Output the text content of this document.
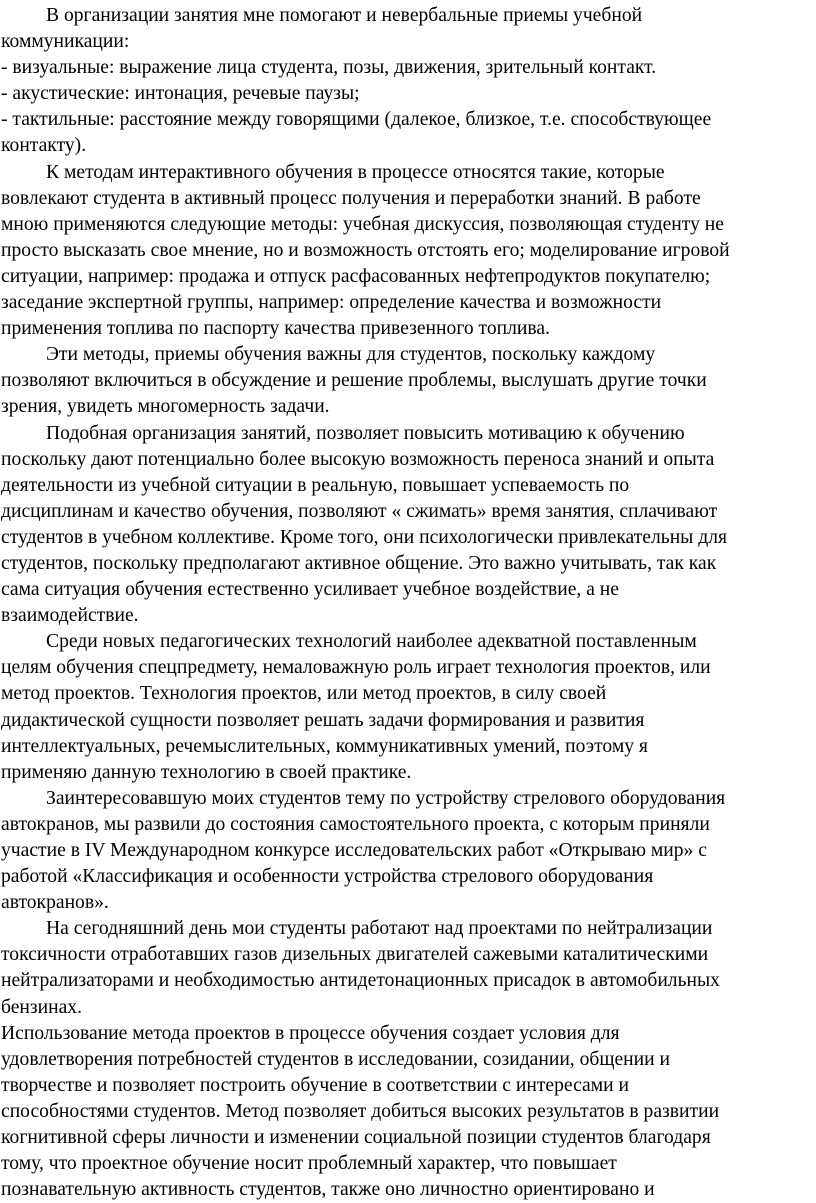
В организации занятия мне помогают и невербальные приемы учебной
коммуникации:
- визуальные: выражение лица студента, позы, движения, зрительный контакт.
- акустические: интонация, речевые паузы;
- тактильные: расстояние между говорящими (далекое, близкое, т.е. способствующее
контакту).
К методам интерактивного обучения в процессе относятся такие, которые
вовлекают студента в активный процесс получения и переработки знаний. В работе
мною применяются следующие методы: учебная дискуссия, позволяющая студенту не
просто высказать свое мнение, но и возможность отстоять его; моделирование игровой
ситуации, например: продажа и отпуск расфасованных нефтепродуктов покупателю;
заседание экспертной группы, например: определение качества и возможности
применения топлива по паспорту качества привезенного топлива.
Эти методы, приемы обучения важны для студентов, поскольку каждому
позволяют включиться в обсуждение и решение проблемы, выслушать другие точки
зрения, увидеть многомерность задачи.
Подобная организация занятий, позволяет повысить мотивацию к обучению
поскольку дают потенциально более высокую возможность переноса знаний и опыта
деятельности из учебной ситуации в реальную, повышает успеваемость по
дисциплинам и качество обучения, позволяют « сжимать» время занятия, сплачивают
студентов в учебном коллективе. Кроме того, они психологически привлекательны для
студентов, поскольку предполагают активное общение. Это важно учитывать, так как
сама ситуация обучения естественно усиливает учебное воздействие, а не
взаимодействие.
Среди новых педагогических технологий наиболее адекватной поставленным
целям обучения спецпредмету, немаловажную роль играет технология проектов, или
метод проектов. Технология проектов, или метод проектов, в силу своей
дидактической сущности позволяет решать задачи формирования и развития
интеллектуальных, речемыслительных, коммуникативных умений, поэтому я
применяю данную технологию в своей практике.
Заинтересовавшую моих студентов тему по устройству стрелового оборудования
автокранов, мы развили до состояния самостоятельного проекта, с которым приняли
участие в IV Международном конкурсе исследовательских работ «Открываю мир» с
работой «Классификация и особенности устройства стрелового оборудования
автокранов».
На сегодняшний день мои студенты работают над проектами по нейтрализации
токсичности отработавших газов дизельных двигателей сажевыми каталитическими
нейтрализаторами и необходимостью антидетонационных присадок в автомобильных
бензинах.
Использование метода проектов в процессе обучения создает условия для
удовлетворения потребностей студентов в исследовании, созидании, общении и
творчестве и позволяет построить обучение в соответствии с интересами и
способностями студентов. Метод позволяет добиться высоких результатов в развитии
когнитивной сферы личности и изменении социальной позиции студентов благодаря
тому, что проектное обучение носит проблемный характер, что повышает
познавательную активность студентов, также оно личностно ориентировано и
